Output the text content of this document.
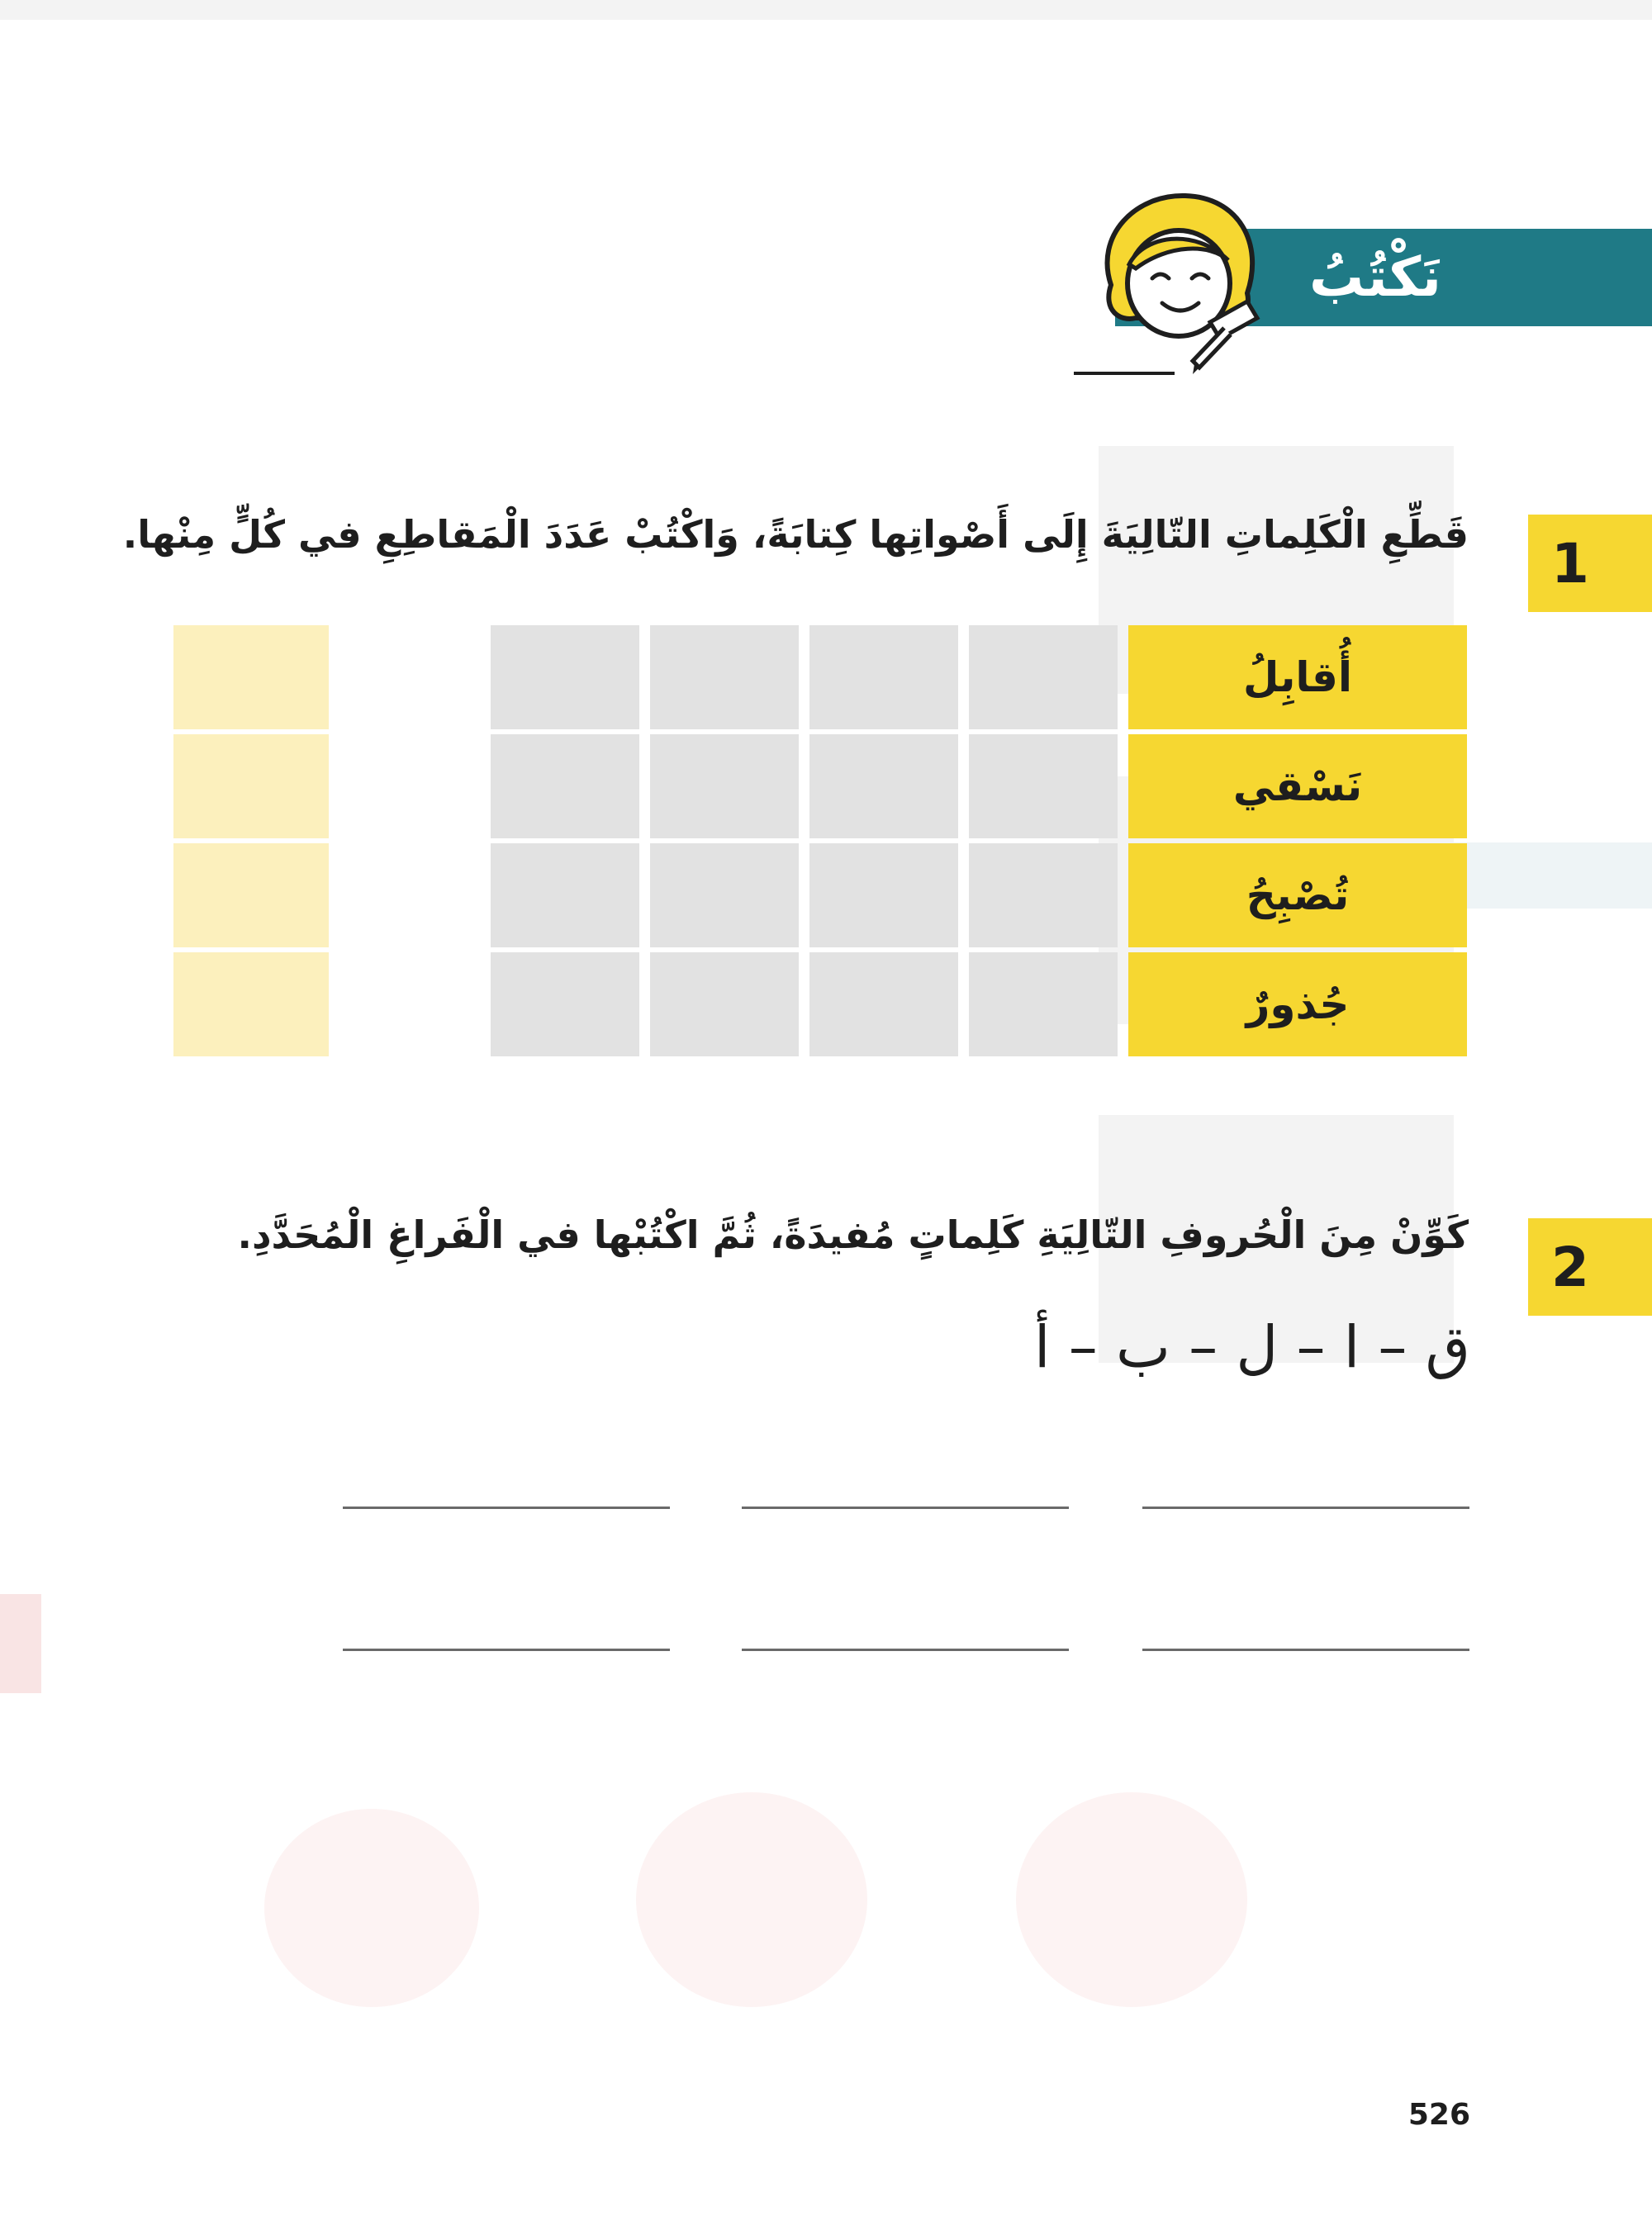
نَكْتُبُ
1
قَطِّعِ الْكَلِماتِ التّالِيَةَ إِلَى أَصْواتِها كِتابَةً، وَاكْتُبْ عَدَدَ الْمَقاطِعِ في كُلٍّ مِنْها.
أُقابِلُ
نَسْقي
تُصْبِحُ
جُذورٌ
2
كَوِّنْ مِنَ الْحُروفِ التّالِيَةِ كَلِماتٍ مُفيدَةً، ثُمَّ اكْتُبْها في الْفَراغِ الْمُحَدَّدِ.
ق – ا – ل – ب – أ
526
